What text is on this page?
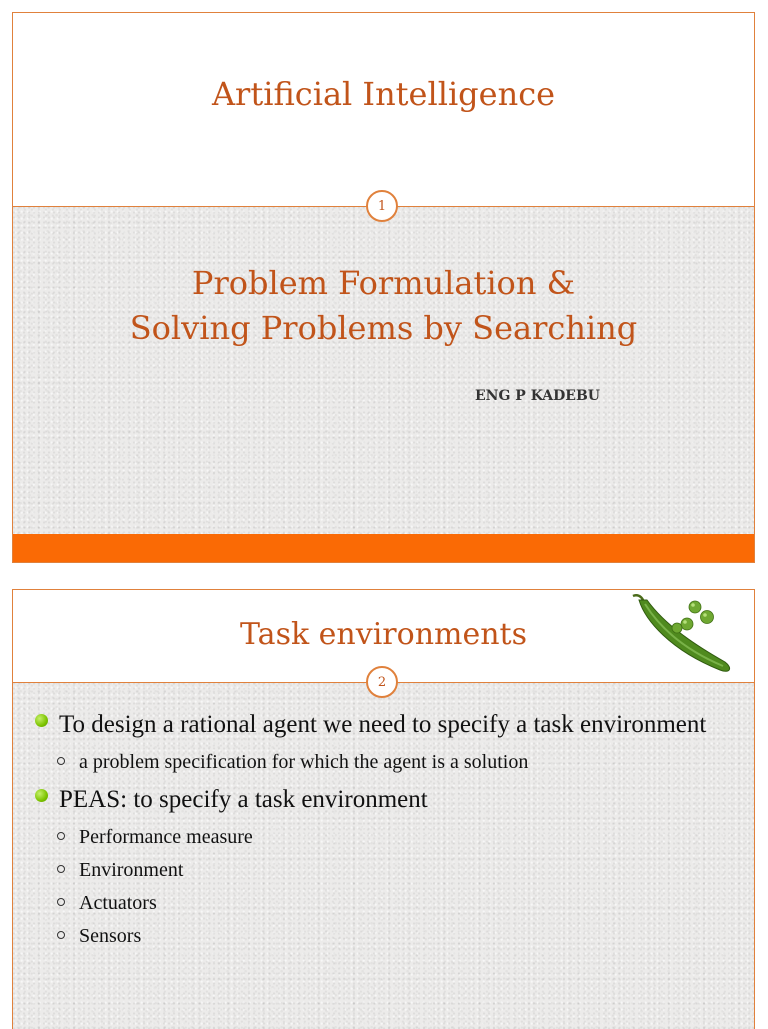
Artificial Intelligence
Problem Formulation &
Solving Problems by Searching
ENG P KADEBU
1
Task environments
2
To design a rational agent we need to specify a task environment
a problem specification for which the agent is a solution
PEAS: to specify a task environment
Performance measure
Environment
Actuators
Sensors
